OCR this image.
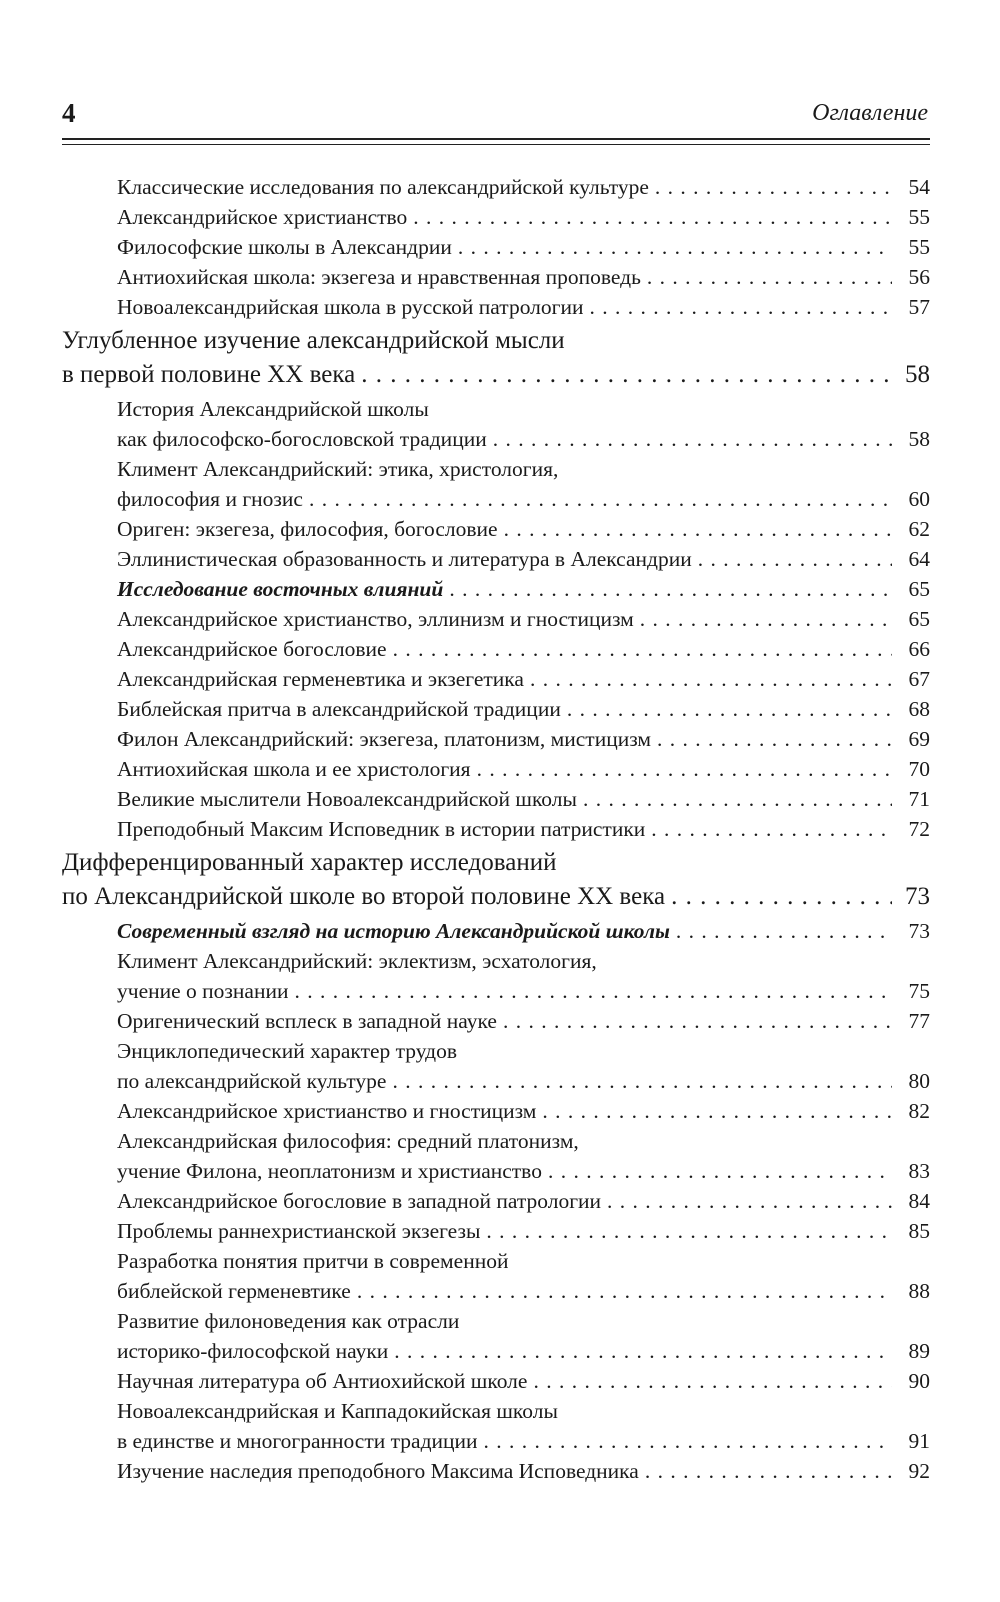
4	Оглавление
Классические исследования по александрийской культуре . . .	54
Александрийское христианство . . .	55
Философские школы в Александрии . . .	55
Антиохийская школа: экзегеза и нравственная проповедь . . .	56
Новоалександрийская школа в русской патрологии . . .	57
Углубленное изучение александрийской мысли
в первой половине XX века . . .	58
История Александрийской школы
как философско-богословской традиции . . .	58
Климент Александрийский: этика, христология,
философия и гнозис . . .	60
Ориген: экзегеза, философия, богословие . . .	62
Эллинистическая образованность и литература в Александрии . . .	64
Исследование восточных влияний . . .	65
Александрийское христианство, эллинизм и гностицизм . . .	65
Александрийское богословие . . .	66
Александрийская герменевтика и экзегетика . . .	67
Библейская притча в александрийской традиции . . .	68
Филон Александрийский: экзегеза, платонизм, мистицизм . . .	69
Антиохийская школа и ее христология . . .	70
Великие мыслители Новоалександрийской школы . . .	71
Преподобный Максим Исповедник в истории патристики . . .	72
Дифференцированный характер исследований
по Александрийской школе во второй половине XX века . . .	73
Современный взгляд на историю Александрийской школы . . .	73
Климент Александрийский: эклектизм, эсхатология,
учение о познании . . .	75
Оригенический всплеск в западной науке . . .	77
Энциклопедический характер трудов
по александрийской культуре . . .	80
Александрийское христианство и гностицизм . . .	82
Александрийская философия: средний платонизм,
учение Филона, неоплатонизм и христианство . . .	83
Александрийское богословие в западной патрологии . . .	84
Проблемы раннехристианской экзегезы . . .	85
Разработка понятия притчи в современной
библейской герменевтике . . .	88
Развитие филоноведения как отрасли
историко-философской науки . . .	89
Научная литература об Антиохийской школе . . .	90
Новоалександрийская и Каппадокийская школы
в единстве и многогранности традиции . . .	91
Изучение наследия преподобного Максима Исповедника . . .	92
